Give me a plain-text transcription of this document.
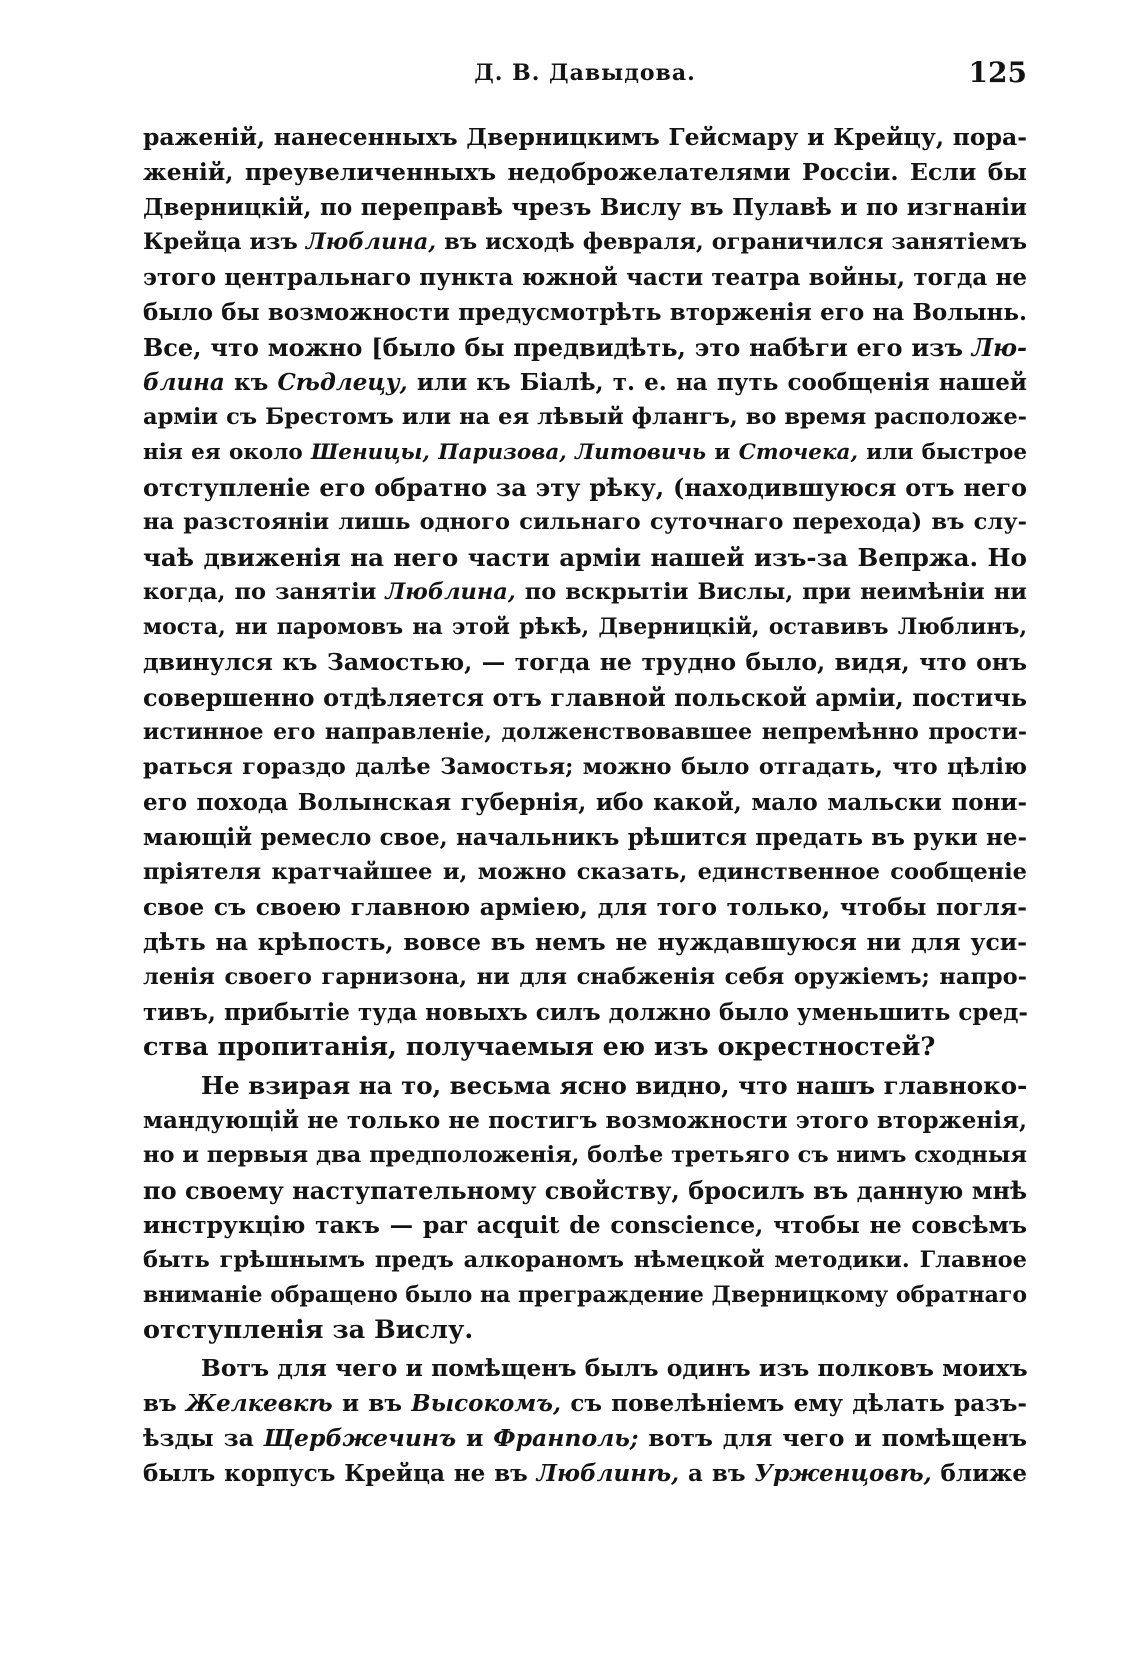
Д. В. Давыдова.	125
раженій, нанесенныхъ Дверницкимъ Гейсмару и Крейцу, пора-
женій, преувеличенныхъ недоброжелателями Россіи. Если бы
Дверницкій, по переправѣ чрезъ Вислу въ Пулавѣ и по изгнаніи
Крейца изъ Люблина, въ исходѣ февраля, ограничился занятіемъ
этого центральнаго пункта южной части театра войны, тогда не
было бы возможности предусмотрѣть вторженія его на Волынь.
Все, что можно [было бы предвидѣть, это набѣги его изъ Лю-
блина къ Сѣдлецу, или къ Біалѣ, т. е. на путь сообщенія нашей
арміи съ Брестомъ или на ея лѣвый флангъ, во время расположе-
нія ея около Шеницы, Паризова, Литовичь и Сточека, или быстрое
отступленіе его обратно за эту рѣку, (находившуюся отъ него
на разстояніи лишь одного сильнаго суточнаго перехода) въ слу-
чаѣ движенія на него части арміи нашей изъ-за Вепржа. Но
когда, по занятіи Люблина, по вскрытіи Вислы, при неимѣніи ни
моста, ни паромовъ на этой рѣкѣ, Дверницкій, оставивъ Люблинъ,
двинулся къ Замостью, — тогда не трудно было, видя, что онъ
совершенно отдѣляется отъ главной польской арміи, постичь
истинное его направленіе, долженствовавшее непремѣнно прости-
раться гораздо далѣе Замостья; можно было отгадать, что цѣлію
его похода Волынская губернія, ибо какой, мало мальски пони-
мающій ремесло свое, начальникъ рѣшится предать въ руки не-
пріятеля кратчайшее и, можно сказать, единственное сообщеніе
свое съ своею главною арміею, для того только, чтобы погля-
дѣть на крѣпость, вовсе въ немъ не нуждавшуюся ни для уси-
ленія своего гарнизона, ни для снабженія себя оружіемъ; напро-
тивъ, прибытіе туда новыхъ силъ должно было уменьшить сред-
ства пропитанія, получаемыя ею изъ окрестностей?
Не взирая на то, весьма ясно видно, что нашъ главноко-
мандующій не только не постигъ возможности этого вторженія,
но и первыя два предположенія, болѣе третьяго съ нимъ сходныя
по своему наступательному свойству, бросилъ въ данную мнѣ
инструкцію такъ — par acquit de conscience, чтобы не совсѣмъ
быть грѣшнымъ предъ алкораномъ нѣмецкой методики. Главное
вниманіе обращено было на преграждение Дверницкому обратнаго
отступленія за Вислу.
Вотъ для чего и помѣщенъ былъ одинъ изъ полковъ моихъ
въ Желкевкѣ и въ Высокомъ, съ повелѣніемъ ему дѣлать разъ-
ѣзды за Щербжечинъ и Франполь; вотъ для чего и помѣщенъ
былъ корпусъ Крейца не въ Люблинѣ, а въ Урженцовѣ, ближе
